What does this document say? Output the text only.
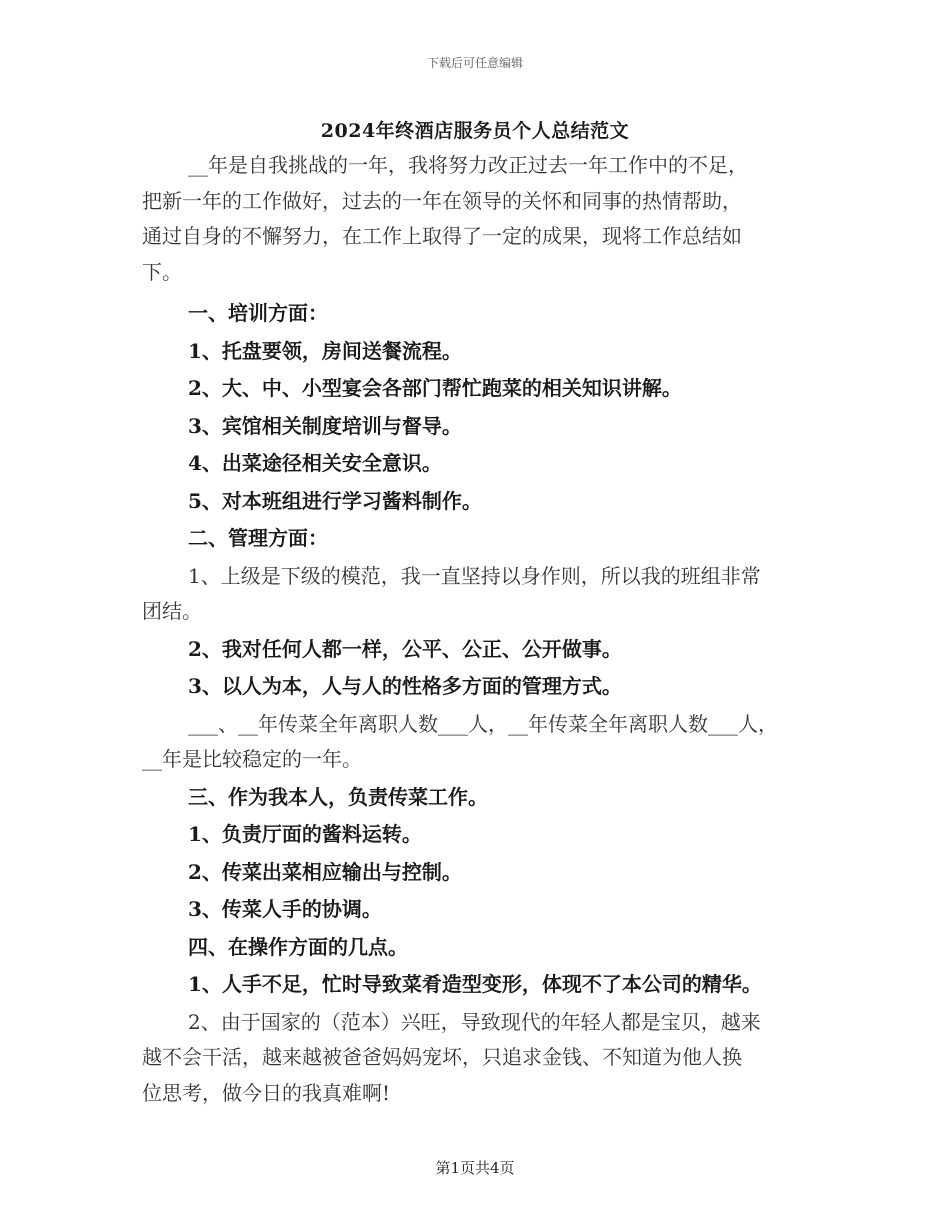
下载后可任意编辑
2024年终酒店服务员个人总结范文

__年是自我挑战的一年，我将努力改正过去一年工作中的不足，

把新一年的工作做好，过去的一年在领导的关怀和同事的热情帮助，

通过自身的不懈努力，在工作上取得了一定的成果，现将工作总结如

下。

一、培训方面：

1、托盘要领，房间送餐流程。

2、大、中、小型宴会各部门帮忙跑菜的相关知识讲解。

3、宾馆相关制度培训与督导。

4、出菜途径相关安全意识。

5、对本班组进行学习酱料制作。

二、管理方面：

1、上级是下级的模范，我一直坚持以身作则，所以我的班组非常

团结。

2、我对任何人都一样，公平、公正、公开做事。

3、以人为本，人与人的性格多方面的管理方式。

___、__年传菜全年离职人数___人，__年传菜全年离职人数___人，

__年是比较稳定的一年。

三、作为我本人，负责传菜工作。

1、负责厅面的酱料运转。

2、传菜出菜相应输出与控制。

3、传菜人手的协调。

四、在操作方面的几点。

1、人手不足，忙时导致菜肴造型变形，体现不了本公司的精华。

2、由于国家的（范本）兴旺，导致现代的年轻人都是宝贝，越来

越不会干活，越来越被爸爸妈妈宠坏，只追求金钱、不知道为他人换

位思考，做今日的我真难啊!

第1页共4页
